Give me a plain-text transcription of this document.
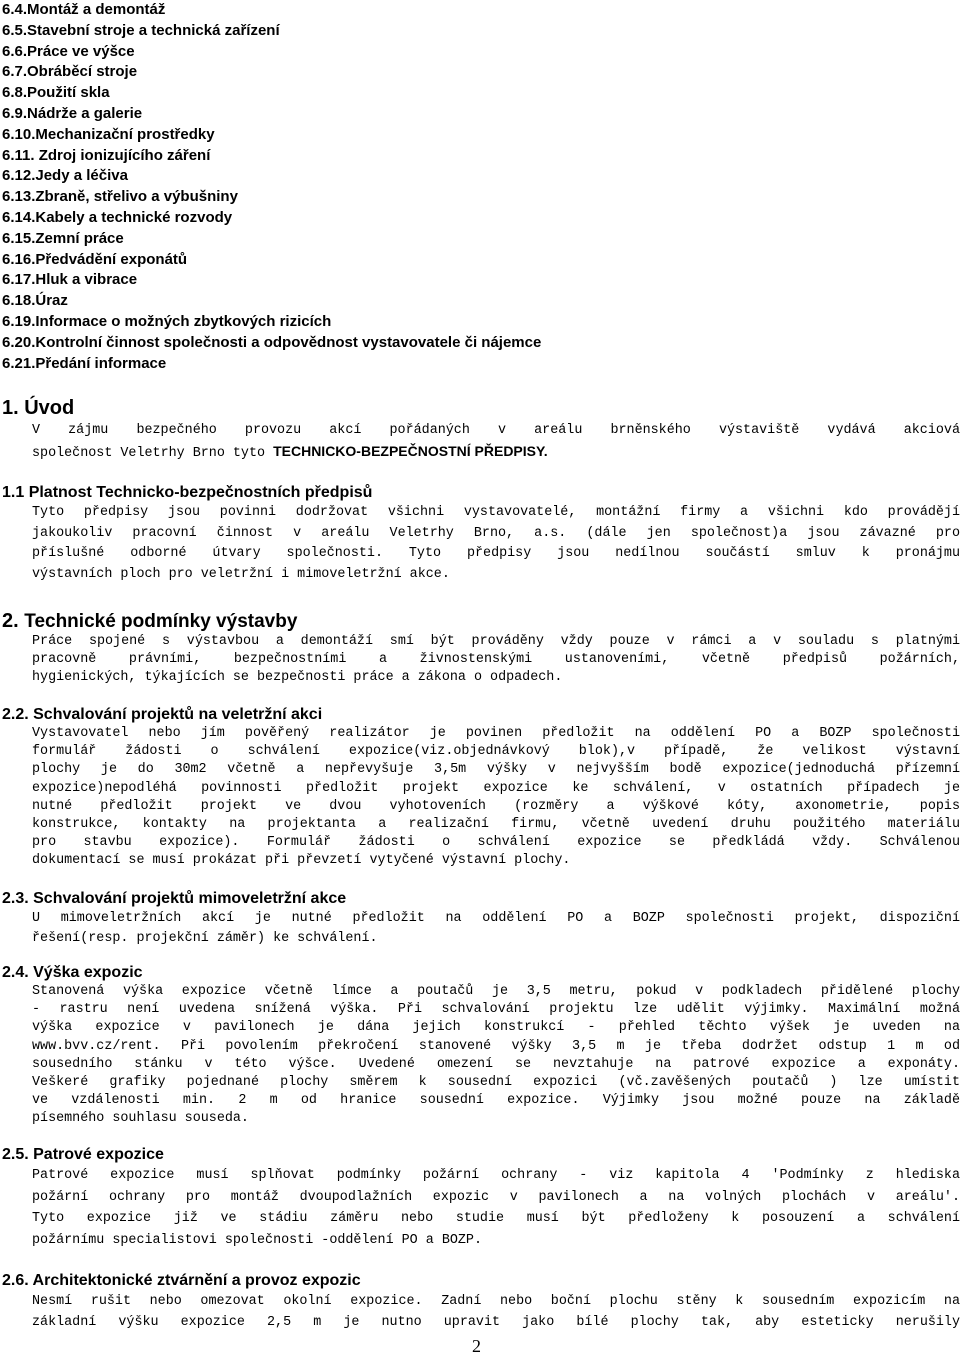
6.4.Montáž a demontáž
6.5.Stavební stroje a technická zařízení
6.6.Práce ve výšce
6.7.Obráběcí stroje
6.8.Použití skla
6.9.Nádrže a galerie
6.10.Mechanizační prostředky
6.11. Zdroj ionizujícího záření
6.12.Jedy a léčiva
6.13.Zbraně, střelivo a výbušniny
6.14.Kabely a technické rozvody
6.15.Zemní práce
6.16.Předvádění exponátů
6.17.Hluk a vibrace
6.18.Úraz
6.19.Informace o možných zbytkových rizicích
6.20.Kontrolní činnost společnosti a odpovědnost vystavovatele či nájemce
6.21.Předání informace
1. Úvod
V zájmu bezpečného provozu akcí pořádaných v areálu brněnského výstaviště vydává akciová
společnost Veletrhy Brno tyto TECHNICKO-BEZPEČNOSTNÍ PŘEDPISY.
1.1 Platnost Technicko-bezpečnostních předpisů
Tyto předpisy jsou povinni dodržovat všichni vystavovatelé, montážní firmy a všichni kdo provádějí
jakoukoliv pracovní činnost v areálu Veletrhy Brno, a.s. (dále jen společnost)a jsou závazné pro
příslušné odborné útvary společnosti. Tyto předpisy jsou nedílnou součástí smluv k pronájmu
výstavních ploch pro veletržní i mimoveletržní akce.
2. Technické podmínky výstavby
Práce spojené s výstavbou a demontáží smí být prováděny vždy pouze v rámci a v souladu s platnými
pracovně právními, bezpečnostními a živnostenskými ustanoveními, včetně předpisů požárních,
hygienických, týkajících se bezpečnosti práce a zákona o odpadech.
2.2. Schvalování projektů na veletržní akci
Vystavovatel nebo jím pověřený realizátor je povinen předložit na oddělení PO a BOZP společnosti
formulář žádosti o schválení expozice(viz.objednávkový blok),v případě, že velikost výstavní
plochy je do 30m2 včetně a nepřevyšuje 3,5m výšky v nejvyšším bodě expozice(jednoduchá přízemní
expozice)nepodléhá povinnosti předložit projekt expozice ke schválení, v ostatních případech je
nutné předložit projekt ve dvou vyhotoveních (rozměry a výškové kóty, axonometrie, popis
konstrukce, kontakty na projektanta a realizační firmu, včetně uvedení druhu použitého materiálu
pro stavbu expozice). Formulář žádosti o schválení expozice se předkládá vždy. Schválenou
dokumentací se musí prokázat při převzetí vytyčené výstavní plochy.
2.3. Schvalování projektů mimoveletržní akce
U mimoveletržních akcí je nutné předložit na oddělení PO a BOZP společnosti projekt, dispoziční
řešení(resp. projekční záměr) ke schválení.
2.4. Výška expozic
Stanovená výška expozice včetně límce a poutačů je 3,5 metru, pokud v podkladech přidělené plochy
- rastru není uvedena snížená výška. Při schvalování projektu lze udělit výjimky. Maximální možná
výška expozice v pavilonech je dána jejich konstrukcí - přehled těchto výšek je uveden na
www.bvv.cz/rent. Při povolením překročení stanovené výšky 3,5 m je třeba dodržet odstup 1 m od
sousedního stánku v této výšce. Uvedené omezení se nevztahuje na patrové expozice a exponáty.
Veškeré grafiky pojednané plochy směrem k sousední expozici (vč.zavěšených poutačů ) lze umístit
ve vzdálenosti min. 2 m od hranice sousední expozice. Výjimky jsou možné pouze na základě
písemného souhlasu souseda.
2.5. Patrové expozice
Patrové expozice musí splňovat podmínky požární ochrany - viz kapitola 4 'Podmínky z hlediska
požární ochrany pro montáž dvoupodlažních expozic v pavilonech a na volných plochách v areálu'.
Tyto expozice již ve stádiu záměru nebo studie musí být předloženy k posouzení a schválení
požárnímu specialistovi společnosti -oddělení PO a BOZP.
2.6. Architektonické ztvárnění a provoz expozic
Nesmí rušit nebo omezovat okolní expozice. Zadní nebo boční plochu stěny k sousedním expozicím na
základní výšku expozice 2,5 m je nutno upravit jako bílé plochy tak, aby esteticky nerušily
2
